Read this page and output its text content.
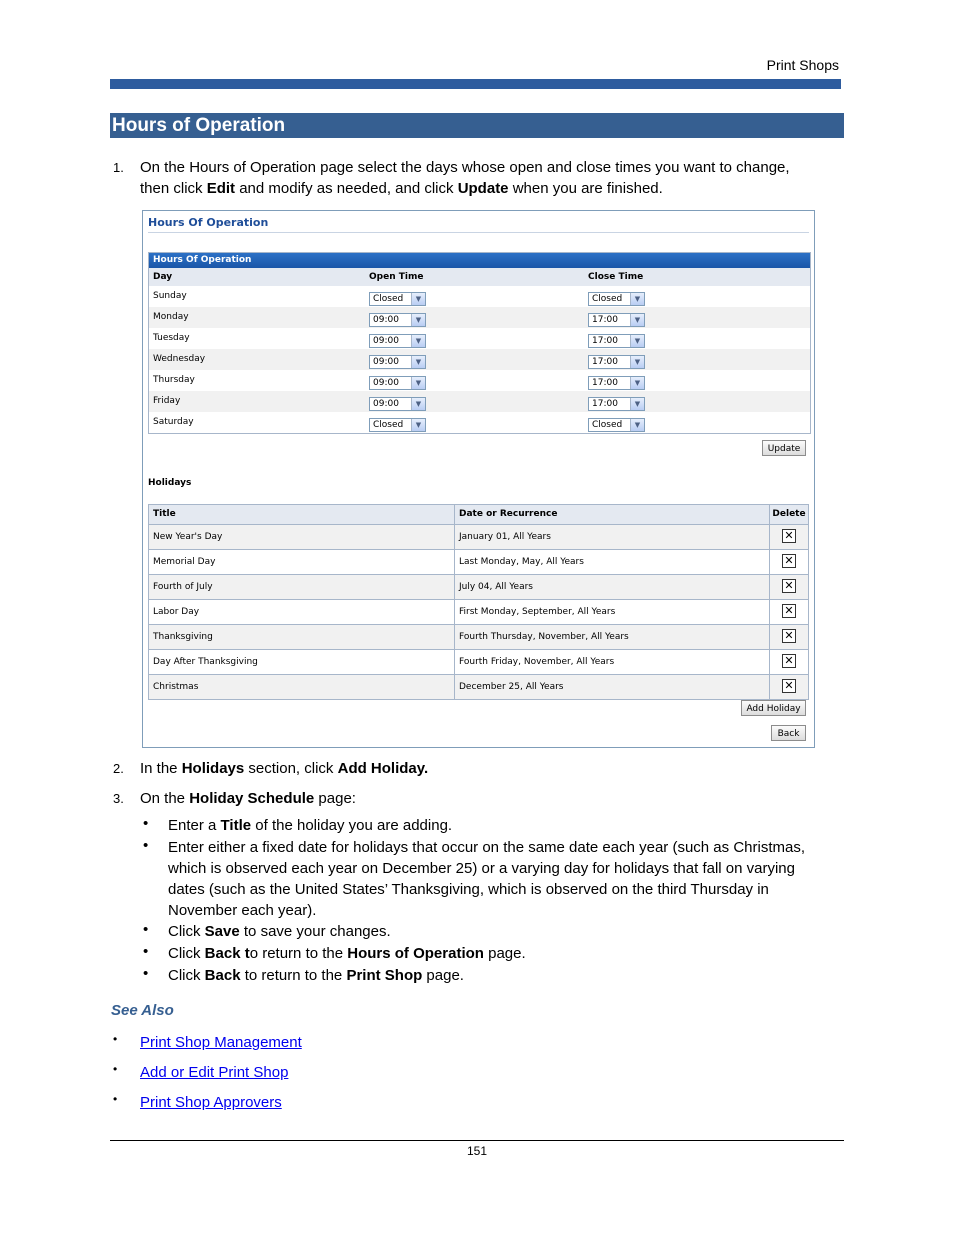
Print Shops
Hours of Operation
1.	On the Hours of Operation page select the days whose open and close times you want to change,
then click Edit and modify as needed, and click Update when you are finished.
Hours Of Operation
Hours Of Operation
Day	Open Time	Close Time
Sunday	Closed	▼	Closed	▼
Monday	09:00	▼	17:00	▼
Tuesday	09:00	▼	17:00	▼
Wednesday	09:00	▼	17:00	▼
Thursday	09:00	▼	17:00	▼
Friday	09:00	▼	17:00	▼
Saturday	Closed	▼	Closed	▼
Update
Holidays
Title	Date or Recurrence	Delete
New Year's Day	January 01, All Years	✕
Memorial Day	Last Monday, May, All Years	✕
Fourth of July	July 04, All Years	✕
Labor Day	First Monday, September, All Years	✕
Thanksgiving	Fourth Thursday, November, All Years	✕
Day After Thanksgiving	Fourth Friday, November, All Years	✕
Christmas	December 25, All Years	✕
Add Holiday
Back
2.	In the Holidays section, click Add Holiday.
3.	On the Holiday Schedule page:
• Enter a Title of the holiday you are adding.
• Enter either a fixed date for holidays that occur on the same date each year (such as Christmas,
which is observed each year on December 25) or a varying day for holidays that fall on varying
dates (such as the United States’ Thanksgiving, which is observed on the third Thursday in
November each year).
• Click Save to save your changes.
• Click Back to return to the Hours of Operation page.
• Click Back to return to the Print Shop page.
See Also
• Print Shop Management
• Add or Edit Print Shop
• Print Shop Approvers
151
